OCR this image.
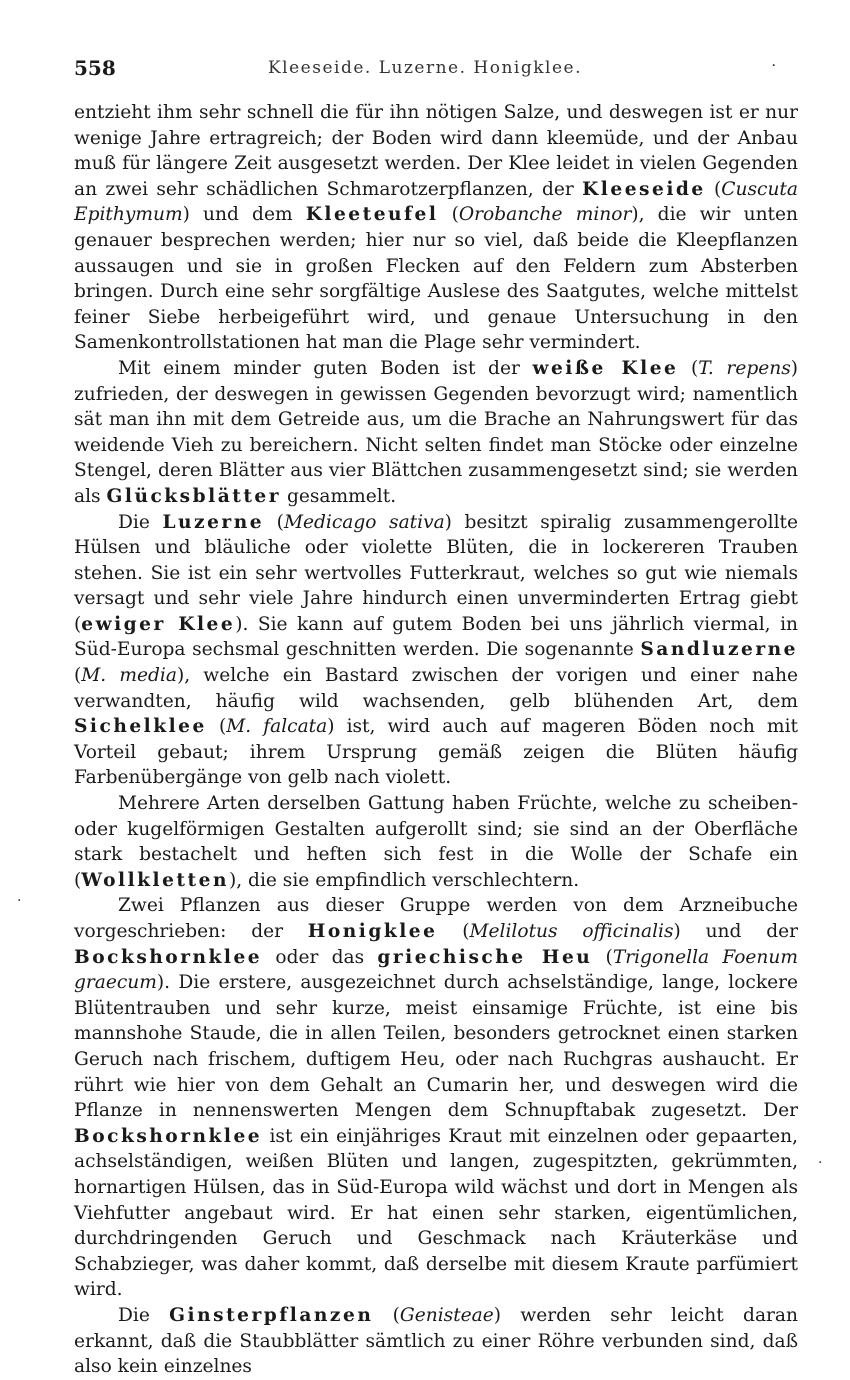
558	Kleeseide. Luzerne. Honigklee.	·
·
·

entzieht ihm sehr schnell die für ihn nötigen Salze, und deswegen ist er nur wenige Jahre ertragreich; der Boden wird dann kleemüde, und der Anbau muß für längere Zeit ausgesetzt werden. Der Klee leidet in vielen Gegenden an zwei sehr schädlichen Schmarotzerpflanzen, der Kleeseide (Cuscuta Epithymum) und dem Kleeteufel (Orobanche minor), die wir unten genauer besprechen werden; hier nur so viel, daß beide die Kleepflanzen aussaugen und sie in großen Flecken auf den Feldern zum Absterben bringen. Durch eine sehr sorgfältige Auslese des Saatgutes, welche mittelst feiner Siebe herbeigeführt wird, und genaue Untersuchung in den Samenkontrollstationen hat man die Plage sehr vermindert.

Mit einem minder guten Boden ist der weiße Klee (T. repens) zufrieden, der deswegen in gewissen Gegenden bevorzugt wird; namentlich sät man ihn mit dem Getreide aus, um die Brache an Nahrungswert für das weidende Vieh zu bereichern. Nicht selten findet man Stöcke oder einzelne Stengel, deren Blätter aus vier Blättchen zusammengesetzt sind; sie werden als Glücksblätter gesammelt.

Die Luzerne (Medicago sativa) besitzt spiralig zusammengerollte Hülsen und bläuliche oder violette Blüten, die in lockereren Trauben stehen. Sie ist ein sehr wertvolles Futterkraut, welches so gut wie niemals versagt und sehr viele Jahre hindurch einen unverminderten Ertrag giebt (ewiger Klee). Sie kann auf gutem Boden bei uns jährlich viermal, in Süd-Europa sechsmal geschnitten werden. Die sogenannte Sandluzerne (M. media), welche ein Bastard zwischen der vorigen und einer nahe verwandten, häufig wild wachsenden, gelb blühenden Art, dem Sichelklee (M. falcata) ist, wird auch auf mageren Böden noch mit Vorteil gebaut; ihrem Ursprung gemäß zeigen die Blüten häufig Farbenübergänge von gelb nach violett.

Mehrere Arten derselben Gattung haben Früchte, welche zu scheiben- oder kugelförmigen Gestalten aufgerollt sind; sie sind an der Oberfläche stark bestachelt und heften sich fest in die Wolle der Schafe ein (Wollkletten), die sie empfindlich verschlechtern.

Zwei Pflanzen aus dieser Gruppe werden von dem Arzneibuche vorgeschrieben: der Honigklee (Melilotus officinalis) und der Bockshornklee oder das griechische Heu (Trigonella Foenum graecum). Die erstere, ausgezeichnet durch achselständige, lange, lockere Blütentrauben und sehr kurze, meist einsamige Früchte, ist eine bis mannshohe Staude, die in allen Teilen, besonders getrocknet einen starken Geruch nach frischem, duftigem Heu, oder nach Ruchgras aushaucht. Er rührt wie hier von dem Gehalt an Cumarin her, und deswegen wird die Pflanze in nennenswerten Mengen dem Schnupftabak zugesetzt. Der Bockshornklee ist ein einjähriges Kraut mit einzelnen oder gepaarten, achselständigen, weißen Blüten und langen, zugespitzten, gekrümmten, hornartigen Hülsen, das in Süd-Europa wild wächst und dort in Mengen als Viehfutter angebaut wird. Er hat einen sehr starken, eigentümlichen, durchdringenden Geruch und Geschmack nach Kräuterkäse und Schabzieger, was daher kommt, daß derselbe mit diesem Kraute parfümiert wird.

Die Ginsterpflanzen (Genisteae) werden sehr leicht daran erkannt, daß die Staubblätter sämtlich zu einer Röhre verbunden sind, daß also kein einzelnes
